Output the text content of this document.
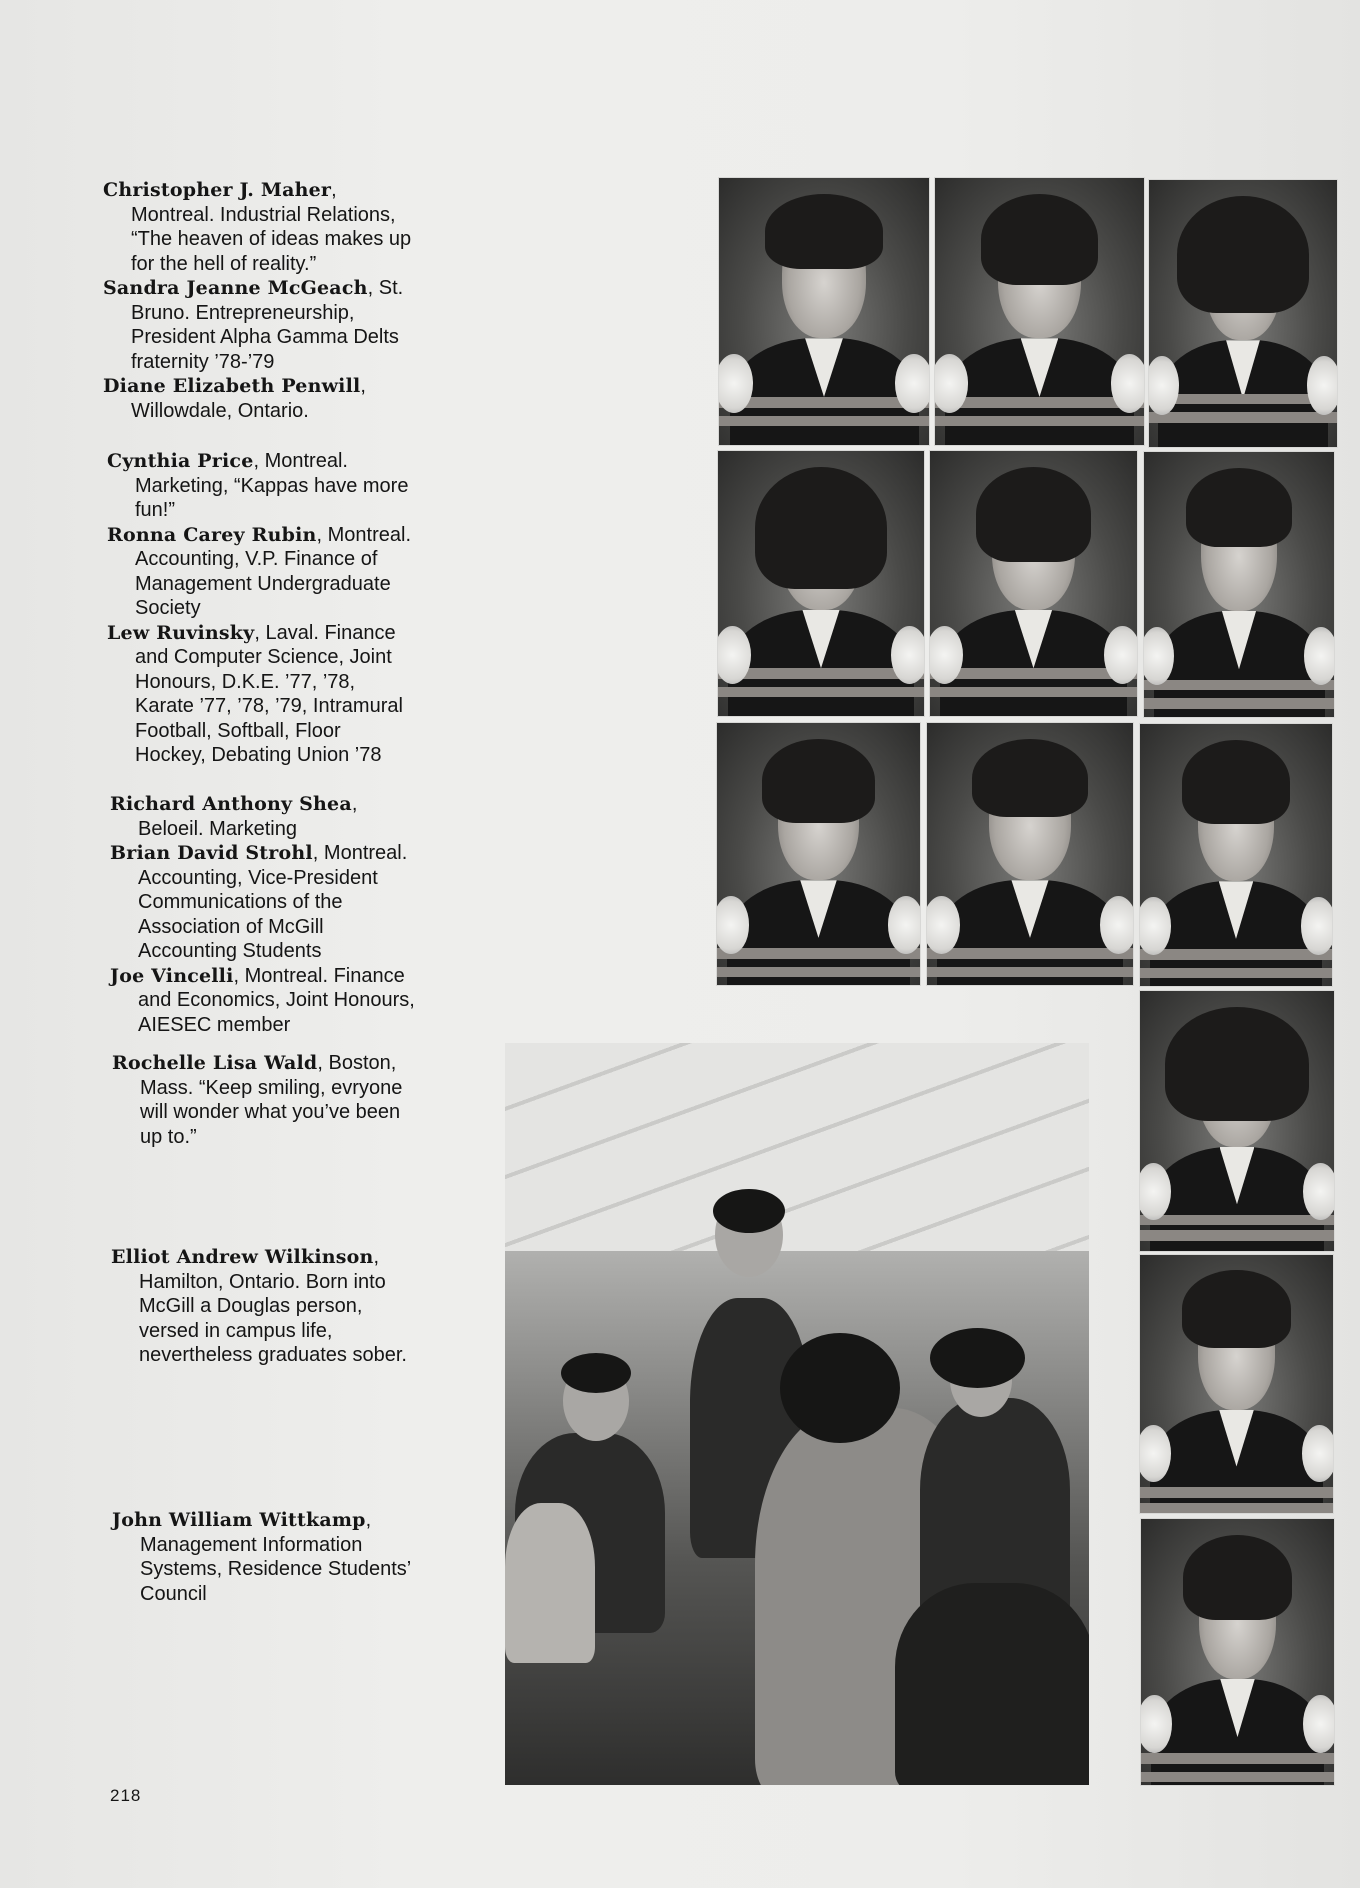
Christopher J. Maher,
Montreal. Industrial Relations,
“The heaven of ideas makes up
for the hell of reality.”
Sandra Jeanne McGeach, St.
Bruno. Entrepreneurship,
President Alpha Gamma Delts
fraternity ’78-’79
Diane Elizabeth Penwill,
Willowdale, Ontario.
Cynthia Price, Montreal.
Marketing, “Kappas have more
fun!”
Ronna Carey Rubin, Montreal.
Accounting, V.P. Finance of
Management Undergraduate
Society
Lew Ruvinsky, Laval. Finance
and Computer Science, Joint
Honours, D.K.E. ’77, ’78,
Karate ’77, ’78, ’79, Intramural
Football, Softball, Floor
Hockey, Debating Union ’78
Richard Anthony Shea,
Beloeil. Marketing
Brian David Strohl, Montreal.
Accounting, Vice-President
Communications of the
Association of McGill
Accounting Students
Joe Vincelli, Montreal. Finance
and Economics, Joint Honours,
AIESEC member
Rochelle Lisa Wald, Boston,
Mass. “Keep smiling, evryone
will wonder what you’ve been
up to.”
Elliot Andrew Wilkinson,
Hamilton, Ontario. Born into
McGill a Douglas person,
versed in campus life,
nevertheless graduates sober.
John William Wittkamp,
Management Information
Systems, Residence Students’
Council
218
